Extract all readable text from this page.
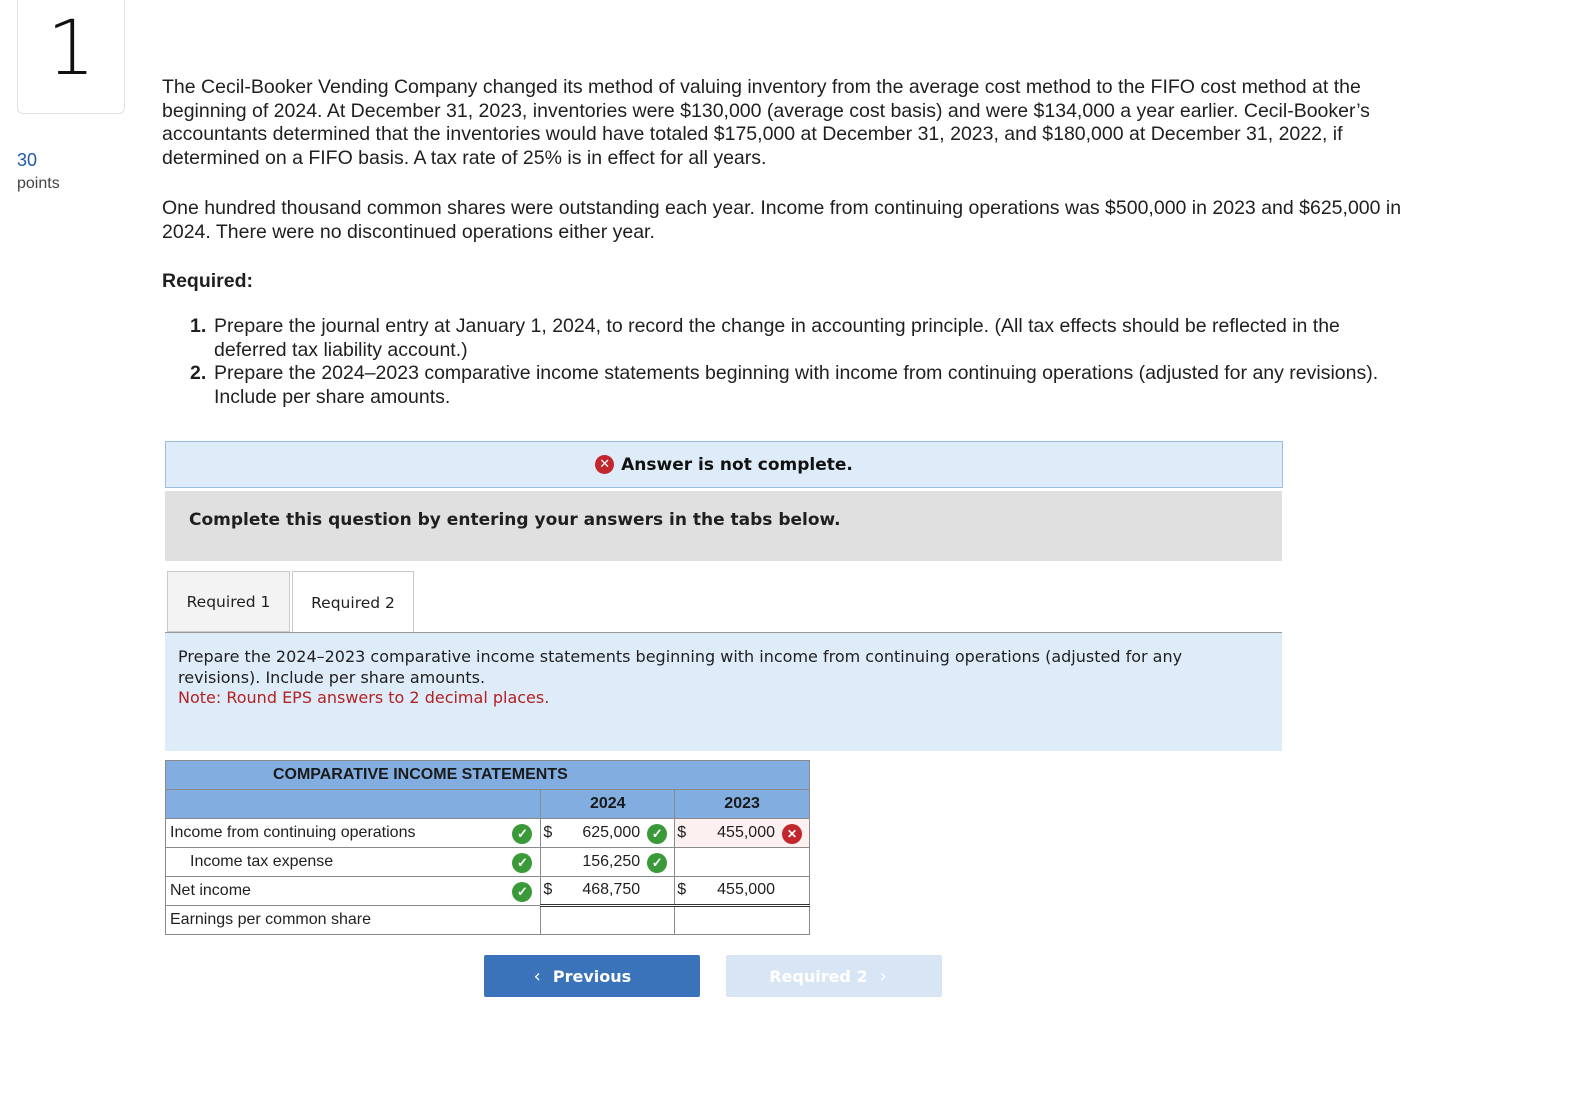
1
30
points

The Cecil-Booker Vending Company changed its method of valuing inventory from the average cost method to the FIFO cost method at the beginning of 2024. At December 31, 2023, inventories were $130,000 (average cost basis) and were $134,000 a year earlier. Cecil-Booker’s accountants determined that the inventories would have totaled $175,000 at December 31, 2023, and $180,000 at December 31, 2022, if determined on a FIFO basis. A tax rate of 25% is in effect for all years.

One hundred thousand common shares were outstanding each year. Income from continuing operations was $500,000 in 2023 and $625,000 in 2024. There were no discontinued operations either year.
Required:
1. Prepare the journal entry at January 1, 2024, to record the change in accounting principle. (All tax effects should be reflected in the deferred tax liability account.)
2. Prepare the 2024–2023 comparative income statements beginning with income from continuing operations (adjusted for any revisions). Include per share amounts.
✕ Answer is not complete.
Complete this question by entering your answers in the tabs below.
Required 1	Required 2
Prepare the 2024–2023 comparative income statements beginning with income from continuing operations (adjusted for any revisions). Include per share amounts.
Note: Round EPS answers to 2 decimal places.
COMPARATIVE INCOME STATEMENTS		
	2024	2023
Income from continuing operations ✓	$ 625,000 ✓	$ 455,000 ✕

Income tax expense ✓	156,250 ✓	

Net income ✓	$ 468,750	$ 455,000

Earnings per common share	

‹ Previous	Required 2 ›
